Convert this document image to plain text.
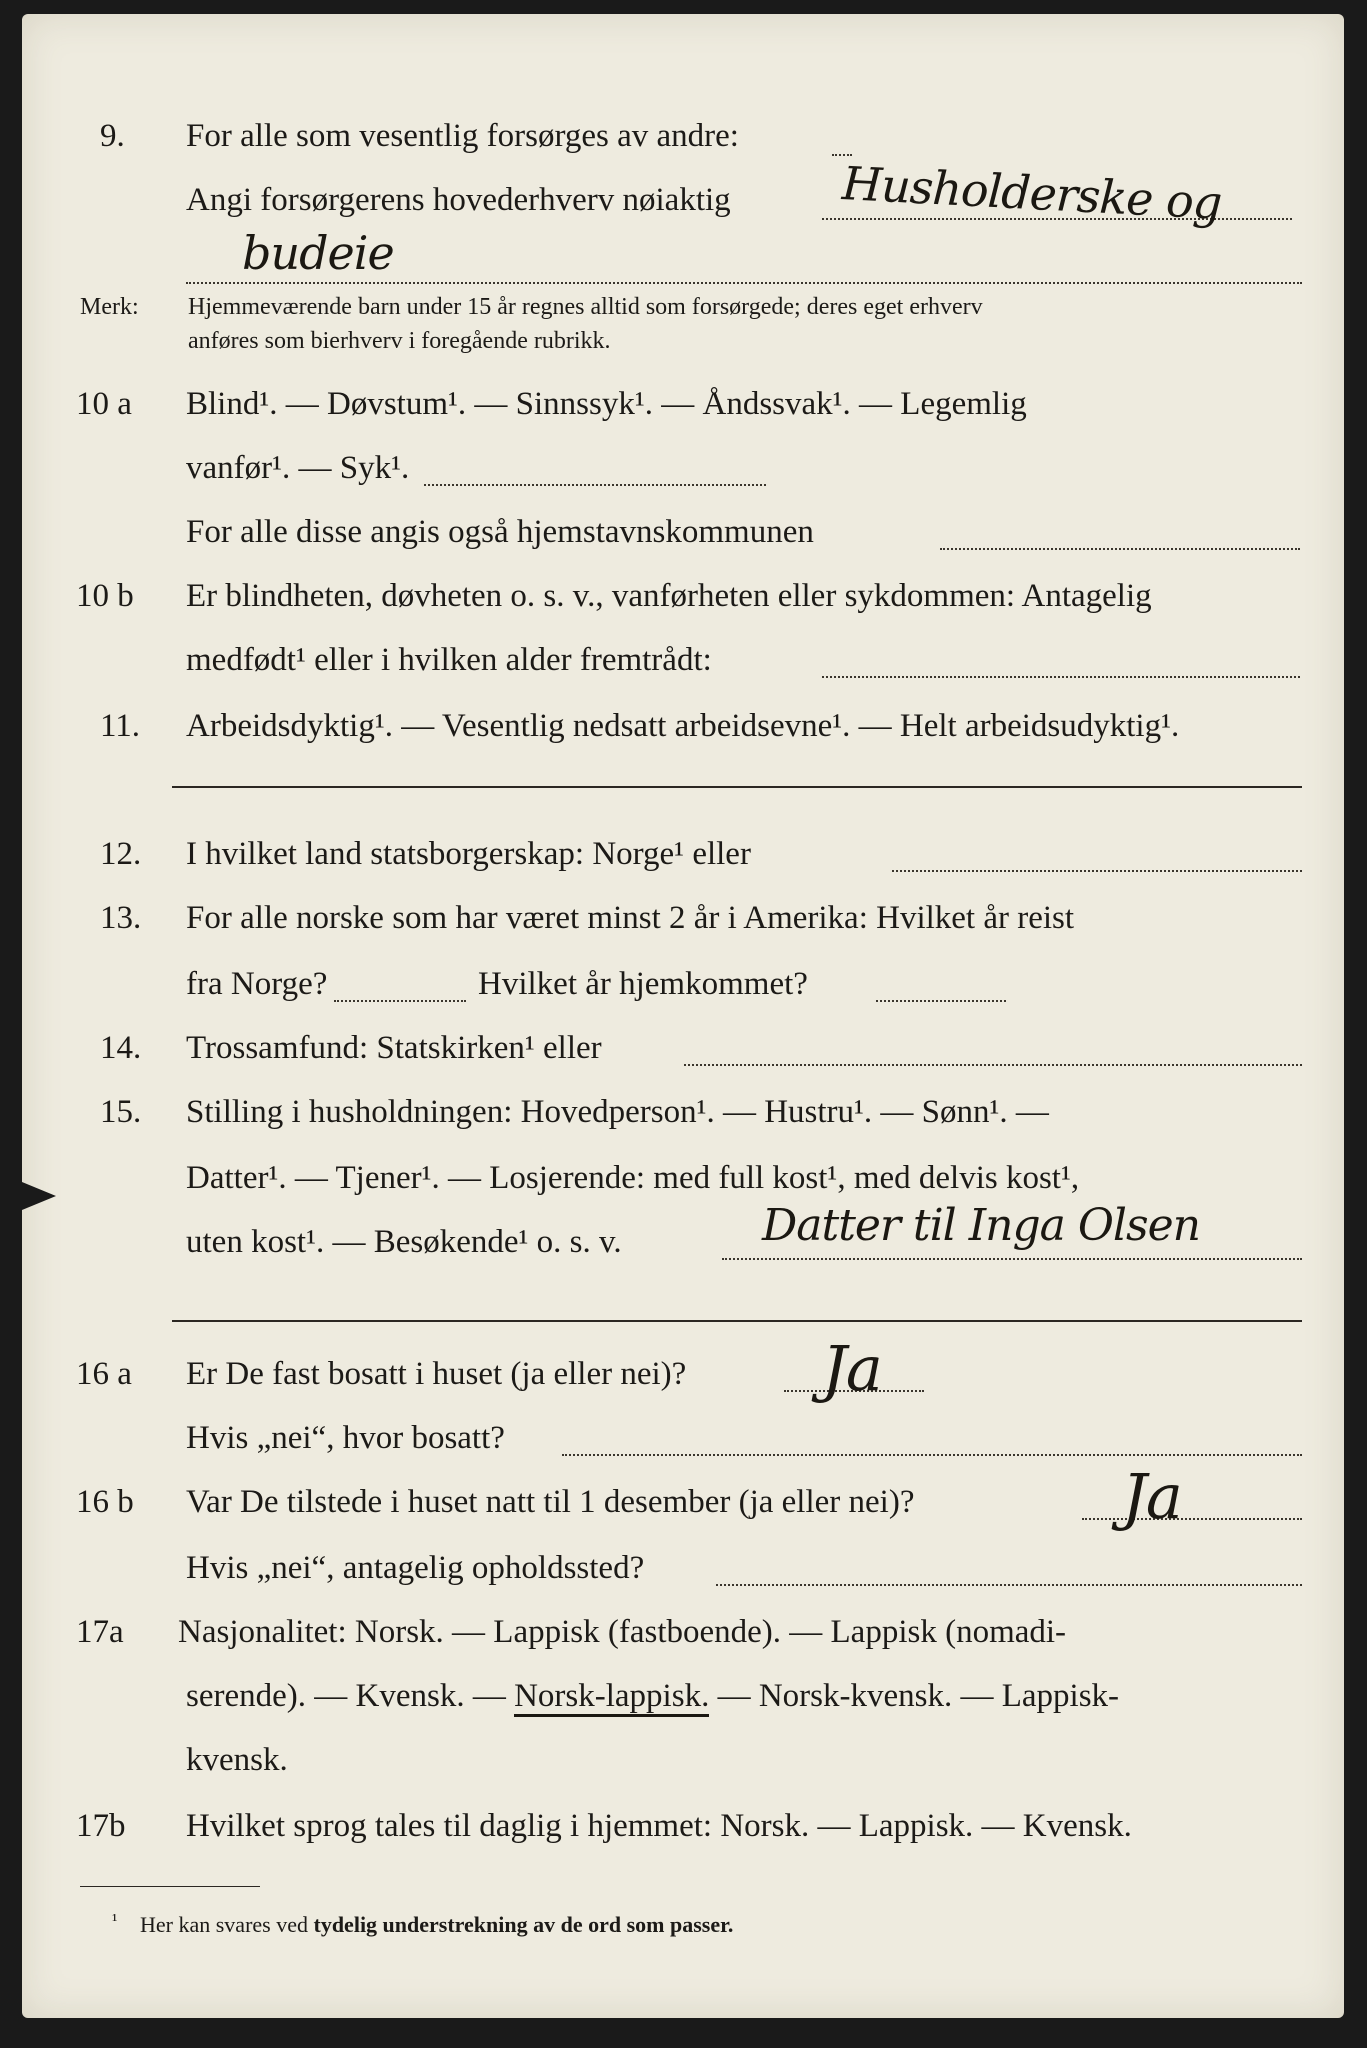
9. For alle som vesentlig forsørges av andre:
Angi forsørgerens hovederhverv nøiaktig Husholderske og
budeie
Merk: Hjemmeværende barn under 15 år regnes alltid som forsørgede; deres eget erhverv
anføres som bierhverv i foregående rubrikk.
10 a Blind¹. — Døvstum¹. — Sinnssyk¹. — Åndssvak¹. — Legemlig
vanfør¹. — Syk¹.
For alle disse angis også hjemstavnskommunen
10 b Er blindheten, døvheten o. s. v., vanførheten eller sykdommen: Antagelig
medfødt¹ eller i hvilken alder fremtrådt:
11. Arbeidsdyktig¹. — Vesentlig nedsatt arbeidsevne¹. — Helt arbeidsudyktig¹.
12. I hvilket land statsborgerskap: Norge¹ eller
13. For alle norske som har været minst 2 år i Amerika: Hvilket år reist
fra Norge?	Hvilket år hjemkommet?
14. Trossamfund: Statskirken¹ eller
15. Stilling i husholdningen: Hovedperson¹. — Hustru¹. — Sønn¹. —
Datter¹. — Tjener¹. — Losjerende: med full kost¹, med delvis kost¹,
uten kost¹. — Besøkende¹ o. s. v.	Datter til Inga Olsen
16 a Er De fast bosatt i huset (ja eller nei)? Ja
Hvis „nei“, hvor bosatt?
16 b Var De tilstede i huset natt til 1 desember (ja eller nei)?	Ja
Hvis „nei“, antagelig opholdssted?
17a Nasjonalitet: Norsk. — Lappisk (fastboende). — Lappisk (nomadi-
serende). — Kvensk. — Norsk-lappisk. — Norsk-kvensk. — Lappisk-
kvensk.
17b Hvilket sprog tales til daglig i hjemmet: Norsk. — Lappisk. — Kvensk.
¹ Her kan svares ved tydelig understrekning av de ord som passer.
